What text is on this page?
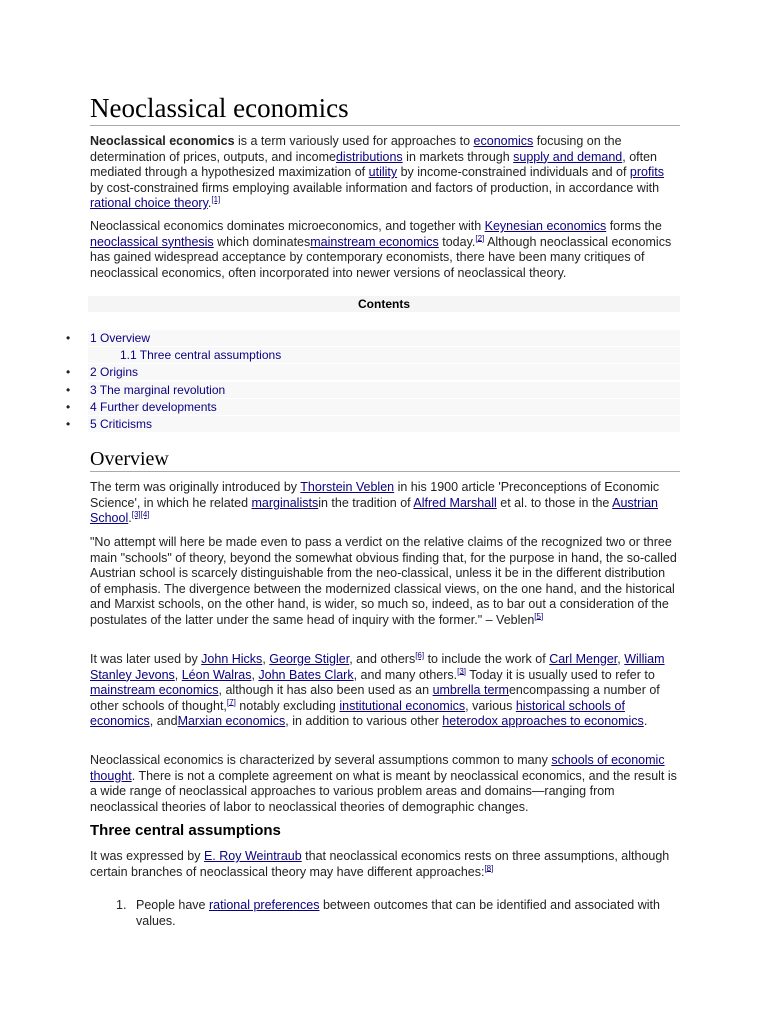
Neoclassical economics

Neoclassical economics is a term variously used for approaches to economics focusing on the determination of prices, outputs, and incomedistributions in markets through supply and demand, often mediated through a hypothesized maximization of utility by income-constrained individuals and of profits by cost-constrained firms employing available information and factors of production, in accordance with rational choice theory.[1]

Neoclassical economics dominates microeconomics, and together with Keynesian economics forms the neoclassical synthesis which dominatesmainstream economics today.[2] Although neoclassical economics has gained widespread acceptance by contemporary economists, there have been many critiques of neoclassical economics, often incorporated into newer versions of neoclassical theory.

Contents
• 1 Overview
1.1 Three central assumptions
• 2 Origins
• 3 The marginal revolution
• 4 Further developments
• 5 Criticisms
Overview

The term was originally introduced by Thorstein Veblen in his 1900 article 'Preconceptions of Economic Science', in which he related marginalistsin the tradition of Alfred Marshall et al. to those in the Austrian School.[3][4]

"No attempt will here be made even to pass a verdict on the relative claims of the recognized two or three main "schools" of theory, beyond the somewhat obvious finding that, for the purpose in hand, the so-called Austrian school is scarcely distinguishable from the neo-classical, unless it be in the different distribution of emphasis. The divergence between the modernized classical views, on the one hand, and the historical and Marxist schools, on the other hand, is wider, so much so, indeed, as to bar out a consideration of the postulates of the latter under the same head of inquiry with the former." – Veblen[5]

It was later used by John Hicks, George Stigler, and others[6] to include the work of Carl Menger, William Stanley Jevons, Léon Walras, John Bates Clark, and many others.[3] Today it is usually used to refer to mainstream economics, although it has also been used as an umbrella termencompassing a number of other schools of thought,[7] notably excluding institutional economics, various historical schools of economics, andMarxian economics, in addition to various other heterodox approaches to economics.

Neoclassical economics is characterized by several assumptions common to many schools of economic thought. There is not a complete agreement on what is meant by neoclassical economics, and the result is a wide range of neoclassical approaches to various problem areas and domains—ranging from neoclassical theories of labor to neoclassical theories of demographic changes.

Three central assumptions

It was expressed by E. Roy Weintraub that neoclassical economics rests on three assumptions, although certain branches of neoclassical theory may have different approaches:[8]

1. People have rational preferences between outcomes that can be identified and associated with values.
